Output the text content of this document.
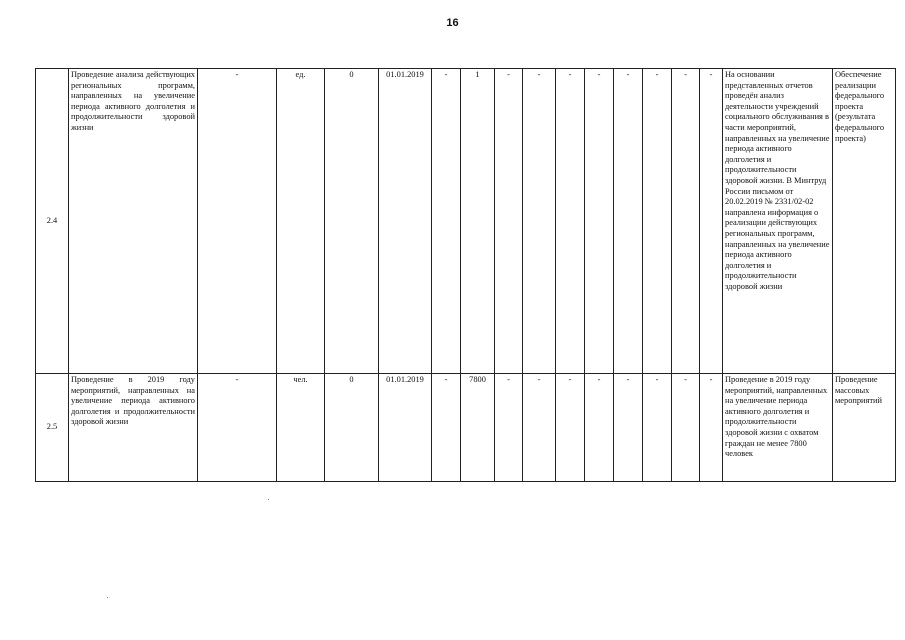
16
2.4	Проведение анализа действующих региональных программ, направленных на увеличение периода активного долголетия и продолжительности здоровой жизни	-	ед.	0	01.01.2019	-	1	-	-	-	-	-	-	-	-	На основании представленных отчетов проведён анализ деятельности учреждений социального обслуживания в части мероприятий, направленных на увеличение периода активного долголетия и продолжительности здоровой жизни. В Минтруд России письмом от 20.02.2019 № 2331/02-02 направлена информация о реализации действующих региональных программ, направленных на увеличение периода активного долголетия и продолжительности здоровой жизни	Обеспечение реализации федерального проекта (результата федерального проекта)
2.5	Проведение в 2019 году мероприятий, направленных на увеличение периода активного долголетия и продолжительности здоровой жизни	-	чел.	0	01.01.2019	-	7800	-	-	-	-	-	-	-	-	Проведение в 2019 году мероприятий, направленных на увеличение периода активного долголетия и продолжительности здоровой жизни с охватом граждан не менее 7800 человек	Проведение массовых мероприятий
